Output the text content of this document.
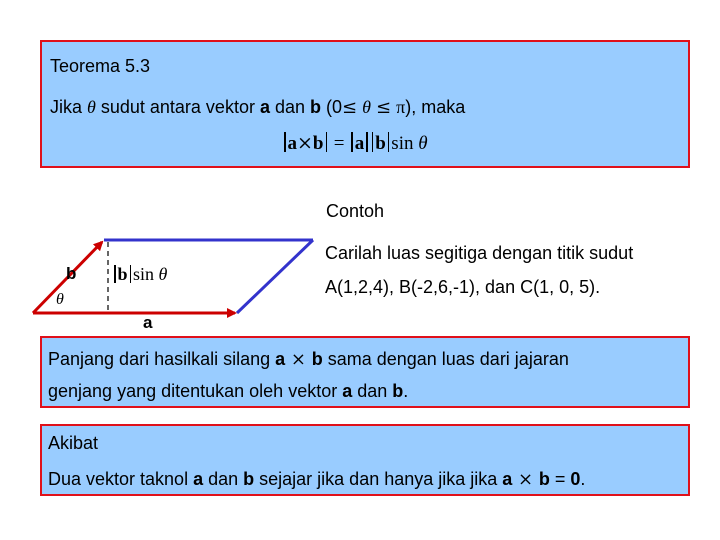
Teorema 5.3
Jika θ sudut antara vektor a dan b (0≤ θ ≤ π), maka
a×b = a b sin θ
b
θ
a
b sin θ
Contoh
Carilah luas segitiga dengan titik sudut
A(1,2,4), B(-2,6,-1), dan C(1, 0, 5).
Panjang dari hasilkali silang a × b sama dengan luas dari jajaran
genjang yang ditentukan oleh vektor a dan b.
Akibat
Dua vektor taknol a dan b sejajar jika dan hanya jika jika a × b = 0.
